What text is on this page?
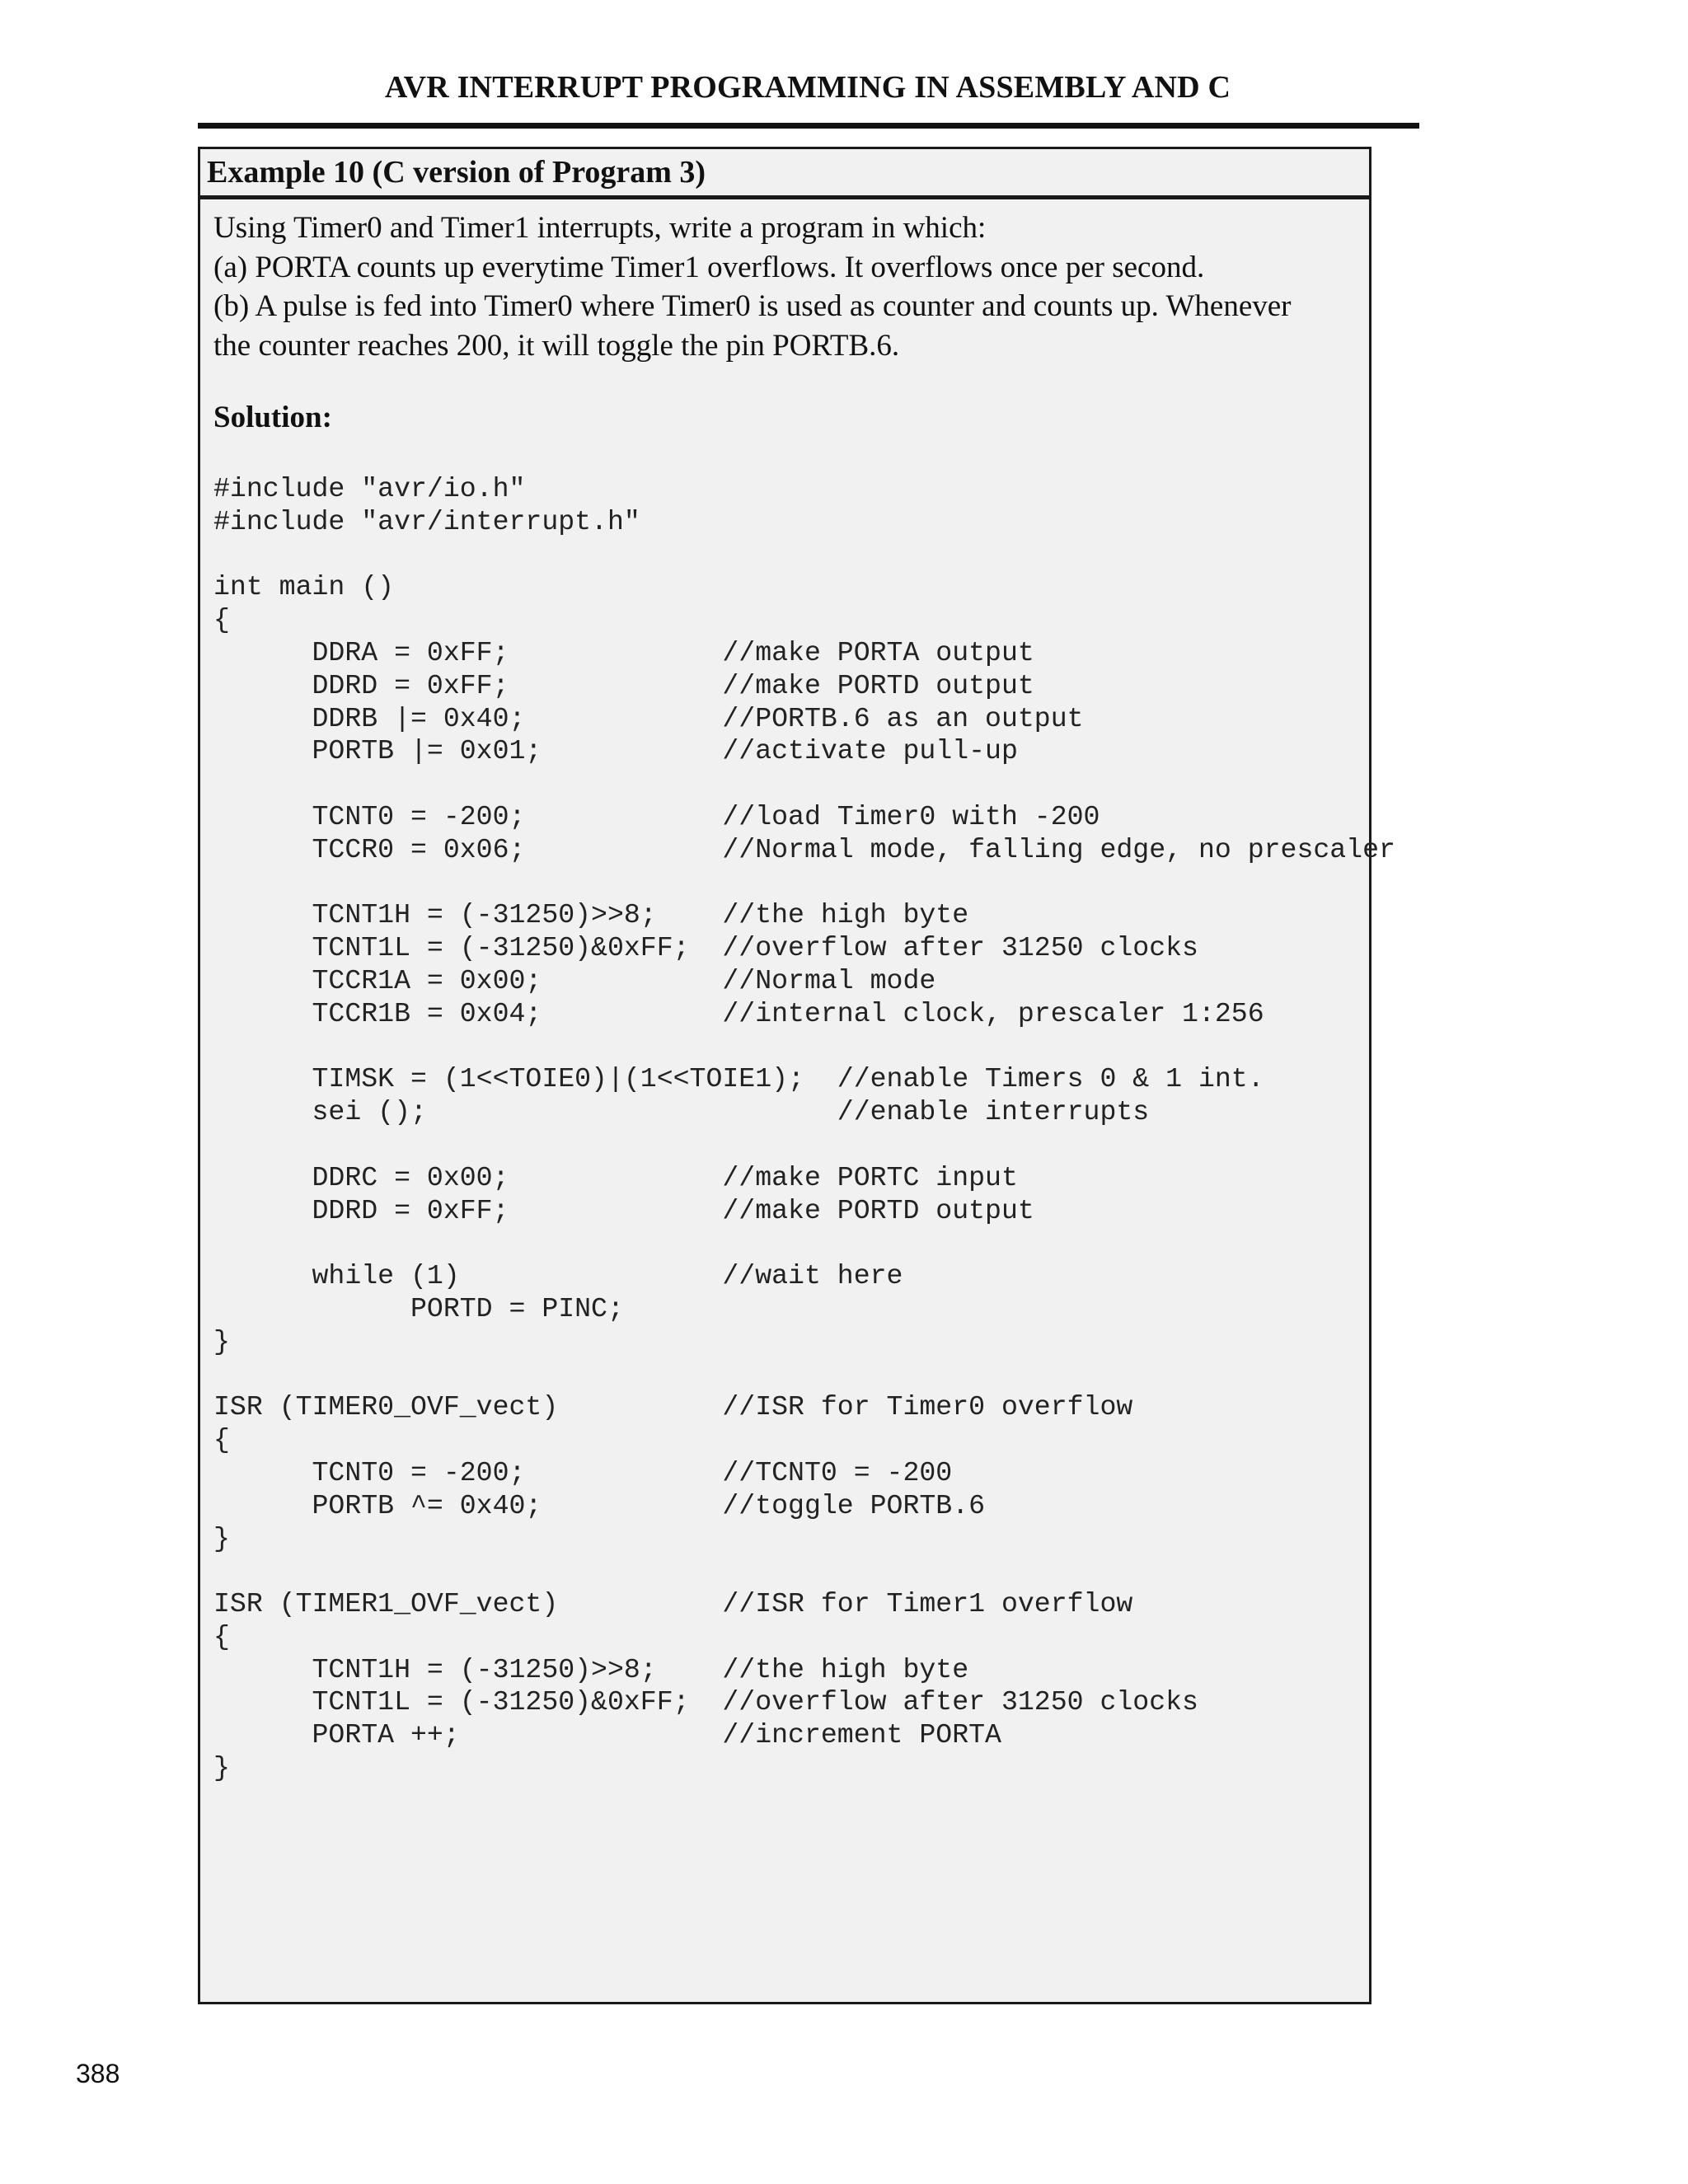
AVR INTERRUPT PROGRAMMING IN ASSEMBLY AND C
Example 10 (C version of Program 3)
Using Timer0 and Timer1 interrupts, write a program in which:
(a) PORTA counts up everytime Timer1 overflows. It overflows once per second.
(b) A pulse is fed into Timer0 where Timer0 is used as counter and counts up. Whenever
the counter reaches 200, it will toggle the pin PORTB.6.
Solution:
#include "avr/io.h"
#include "avr/interrupt.h"
int main ()
{
DDRA = 0xFF;             //make PORTA output
DDRD = 0xFF;             //make PORTD output
DDRB |= 0x40;            //PORTB.6 as an output
PORTB |= 0x01;           //activate pull-up
TCNT0 = -200;            //load Timer0 with -200
TCCR0 = 0x06;            //Normal mode, falling edge, no prescaler
TCNT1H = (-31250)>>8;    //the high byte
TCNT1L = (-31250)&0xFF;  //overflow after 31250 clocks
TCCR1A = 0x00;           //Normal mode
TCCR1B = 0x04;           //internal clock, prescaler 1:256
TIMSK = (1<<TOIE0)|(1<<TOIE1);  //enable Timers 0 & 1 int.
sei ();                         //enable interrupts
DDRC = 0x00;             //make PORTC input
DDRD = 0xFF;             //make PORTD output
while (1)                //wait here
PORTD = PINC;
}
ISR (TIMER0_OVF_vect)          //ISR for Timer0 overflow
{
TCNT0 = -200;            //TCNT0 = -200
PORTB ^= 0x40;           //toggle PORTB.6
}
ISR (TIMER1_OVF_vect)          //ISR for Timer1 overflow
{
TCNT1H = (-31250)>>8;    //the high byte
TCNT1L = (-31250)&0xFF;  //overflow after 31250 clocks
PORTA ++;                //increment PORTA
}
388
